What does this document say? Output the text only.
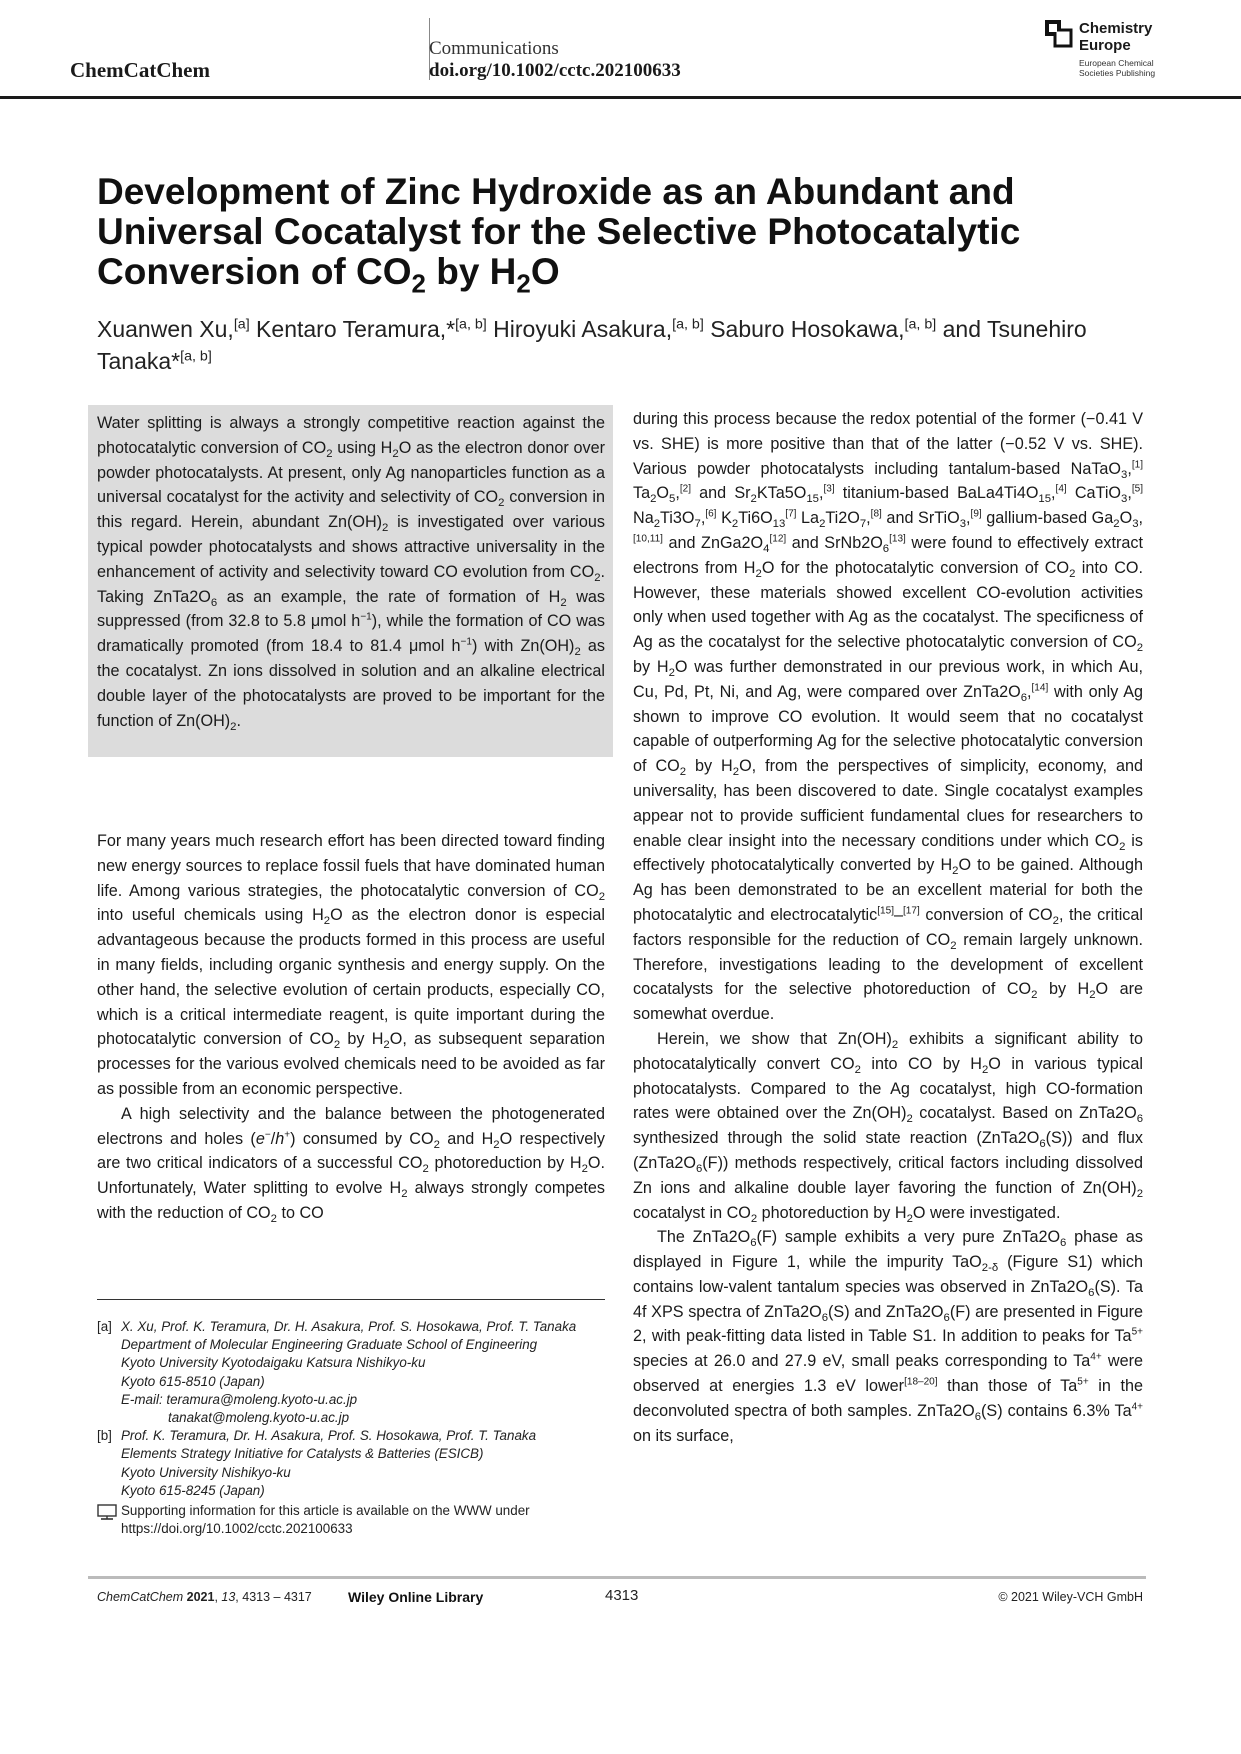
ChemCatChem
Communications
doi.org/10.1002/cctc.202100633
Chemistry
Europe
European Chemical
Societies Publishing
Development of Zinc Hydroxide as an Abundant and Universal Cocatalyst for the Selective Photocatalytic Conversion of $CO_2$ by $H_2O$
Xuanwen Xu,[a] Kentaro Teramura,*[a, b] Hiroyuki Asakura,[a, b] Saburo Hosokawa,[a, b] and Tsunehiro Tanaka*[a, b]
Water splitting is always a strongly competitive reaction against the photocatalytic conversion of $CO_2$ using $H_2O$ as the electron donor over powder photocatalysts. At present, only Ag nanoparticles function as a universal cocatalyst for the activity and selectivity of $CO_2$ conversion in this regard. Herein, abundant $Zn(OH)_2$ is investigated over various typical powder photocatalysts and shows attractive universality in the enhancement of activity and selectivity toward CO evolution from $CO_2$. Taking $ZnTa2O_6$ as an example, the rate of formation of $H_2$ was suppressed (from 32.8 to 5.8 μmol $h^{-1}$), while the formation of CO was dramatically promoted (from 18.4 to 81.4 μmol $h^{-1}$) with $Zn(OH)_2$ as the cocatalyst. Zn ions dissolved in solution and an alkaline electrical double layer of the photocatalysts are proved to be important for the function of $Zn(OH)_2$.

For many years much research effort has been directed toward finding new energy sources to replace fossil fuels that have dominated human life. Among various strategies, the photocatalytic conversion of $CO_2$ into useful chemicals using $H_2O$ as the electron donor is especial advantageous because the products formed in this process are useful in many fields, including organic synthesis and energy supply. On the other hand, the selective evolution of certain products, especially CO, which is a critical intermediate reagent, is quite important during the photocatalytic conversion of $CO_2$ by $H_2O$, as subsequent separation processes for the various evolved chemicals need to be avoided as far as possible from an economic perspective.

A high selectivity and the balance between the photogenerated electrons and holes (e−/h+) consumed by $CO_2$ and $H_2O$ respectively are two critical indicators of a successful $CO_2$ photoreduction by $H_2O$. Unfortunately, Water splitting to evolve $H_2$ always strongly competes with the reduction of $CO_2$ to CO

[a] X. Xu, Prof. K. Teramura, Dr. H. Asakura, Prof. S. Hosokawa, Prof. T. Tanaka
Department of Molecular Engineering Graduate School of Engineering
Kyoto University Kyotodaigaku Katsura Nishikyo-ku
Kyoto 615-8510 (Japan)
E-mail: teramura@moleng.kyoto-u.ac.jp
tanakat@moleng.kyoto-u.ac.jp
[b] Prof. K. Teramura, Dr. H. Asakura, Prof. S. Hosokawa, Prof. T. Tanaka
Elements Strategy Initiative for Catalysts & Batteries (ESICB)
Kyoto University Nishikyo-ku
Kyoto 615-8245 (Japan)
Supporting information for this article is available on the WWW under
https://doi.org/10.1002/cctc.202100633

during this process because the redox potential of the former (−0.41 V vs. SHE) is more positive than that of the latter (−0.52 V vs. SHE). Various powder photocatalysts including tantalum-based NaTaO$_3$,[1] $Ta_2O_5,[2]$ and $Sr_2KTa5O_{15},[3]$ titanium-based $BaLa4Ti4O_{15},[4]$ CaTiO$_3$,[5] $Na_2Ti3O_7,[6]$ $K_2Ti6O_{13}[7]$ $La_2Ti2O_7,[8]$ and SrTiO$_3$,[9] gallium-based $Ga_2O_3,[10,11]$ and $ZnGa2O_4[12]$ and $SrNb2O_6[13]$ were found to effectively extract electrons from $H_2O$ for the photocatalytic conversion of $CO_2$ into CO. However, these materials showed excellent CO-evolution activities only when used together with Ag as the cocatalyst. The specificness of Ag as the cocatalyst for the selective photocatalytic conversion of $CO_2$ by $H_2O$ was further demonstrated in our previous work, in which Au, Cu, Pd, Pt, Ni, and Ag, were compared over $ZnTa2O_6,[14]$ with only Ag shown to improve CO evolution. It would seem that no cocatalyst capable of outperforming Ag for the selective photocatalytic conversion of $CO_2$ by $H_2O$, from the perspectives of simplicity, economy, and universality, has been discovered to date. Single cocatalyst examples appear not to provide sufficient fundamental clues for researchers to enable clear insight into the necessary conditions under which $CO_2$ is effectively photocatalytically converted by $H_2O$ to be gained. Although Ag has been demonstrated to be an excellent material for both the photocatalytic and electrocatalytic[15]–[17] conversion of $CO_2$, the critical factors responsible for the reduction of $CO_2$ remain largely unknown. Therefore, investigations leading to the development of excellent cocatalysts for the selective photoreduction of $CO_2$ by $H_2O$ are somewhat overdue.

Herein, we show that $Zn(OH)_2$ exhibits a significant ability to photocatalytically convert $CO_2$ into CO by $H_2O$ in various typical photocatalysts. Compared to the Ag cocatalyst, high CO-formation rates were obtained over the $Zn(OH)_2$ cocatalyst. Based on $ZnTa2O_6$ synthesized through the solid state reaction $(ZnTa2O_6(S))$ and flux $(ZnTa2O_6(F))$ methods respectively, critical factors including dissolved Zn ions and alkaline double layer favoring the function of $Zn(OH)_2$ cocatalyst in $CO_2$ photoreduction by $H_2O$ were investigated.

The $ZnTa2O_6(F)$ sample exhibits a very pure $ZnTa2O_6$ phase as displayed in Figure 1, while the impurity TaO$_{2-\delta}$ (Figure S1) which contains low-valent tantalum species was observed in $ZnTa2O_6(S)$. Ta 4f XPS spectra of $ZnTa2O_6(S)$ and $ZnTa2O_6(F)$ are presented in Figure 2, with peak-fitting data listed in Table S1. In addition to peaks for $Ta^{5+}$ species at 26.0 and 27.9 eV, small peaks corresponding to $Ta^{4+}$ were observed at energies 1.3 eV lower[18–20] than those of $Ta^{5+}$ in the deconvoluted spectra of both samples. $ZnTa2O_6(S)$ contains 6.3% $Ta^{4+}$ on its surface,

ChemCatChem 2021, 13, 4313 – 4317	Wiley Online Library	4313	© 2021 Wiley-VCH GmbH
